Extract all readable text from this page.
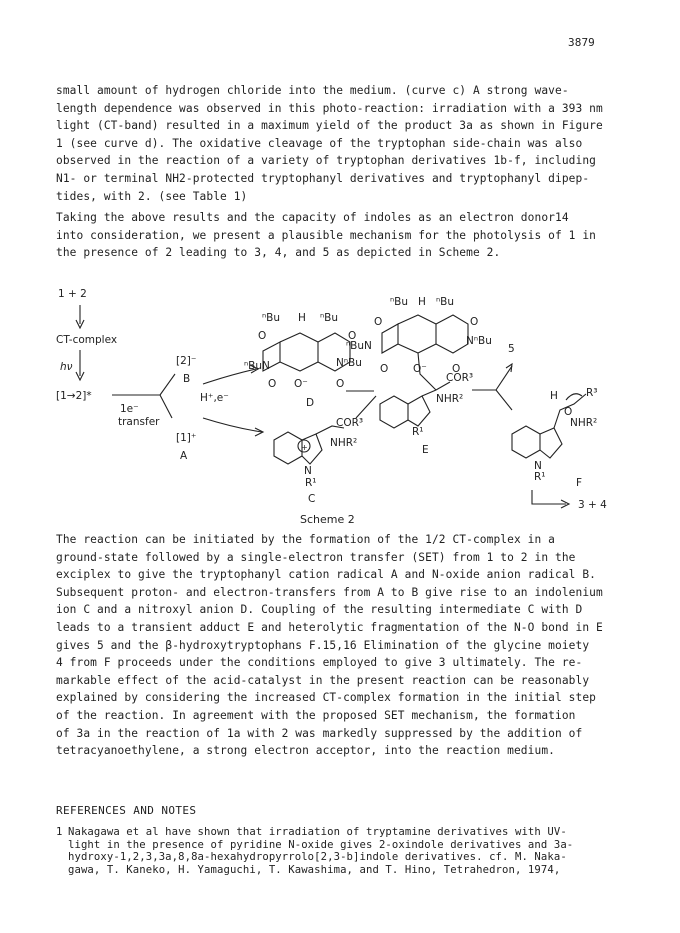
3879

small amount of hydrogen chloride into the medium. (curve c) A strong wave-

length dependence was observed in this photo-reaction: irradiation with a 393 nm

light (CT-band) resulted in a maximum yield of the product 3a as shown in Figure

1 (see curve d). The oxidative cleavage of the tryptophan side-chain was also

observed in the reaction of a variety of tryptophan derivatives 1b-f, including

N1- or terminal NH2-protected tryptophanyl derivatives and tryptophanyl dipep-

tides, with 2. (see Table 1)

Taking the above results and the capacity of indoles as an electron donor14

into consideration, we present a plausible mechanism for the photolysis of 1 in

the presence of 2 leading to 3, 4, and 5 as depicted in Scheme 2.

1 + 2
CT-complex
hν
[1→2]*
1e⁻
transfer
[2]⁻
B
[1]⁺
A
H⁺,e⁻
ⁿBu H ⁿBu
O	O
ⁿBuN	NⁿBu
O O⁻	O
D
+
COR³
NHR²
N
R¹
C
ⁿBu H ⁿBu
O	O
ⁿBuN	NⁿBu
O O⁻ O
COR³
NHR²
R¹
E
5
H
O
R³
NHR²
N
R¹	F
3 + 4
Scheme 2

The reaction can be initiated by the formation of the 1/2 CT-complex in a

ground-state followed by a single-electron transfer (SET) from 1 to 2 in the

exciplex to give the tryptophanyl cation radical A and N-oxide anion radical B.

Subsequent proton- and electron-transfers from A to B give rise to an indolenium

ion C and a nitroxyl anion D. Coupling of the resulting intermediate C with D

leads to a transient adduct E and heterolytic fragmentation of the N-O bond in E

gives 5 and the β-hydroxytryptophans F.15,16 Elimination of the glycine moiety

4 from F proceeds under the conditions employed to give 3 ultimately. The re-

markable effect of the acid-catalyst in the present reaction can be reasonably

explained by considering the increased CT-complex formation in the initial step

of the reaction. In agreement with the proposed SET mechanism, the formation

of 3a in the reaction of 1a with 2 was markedly suppressed by the addition of

tetracyanoethylene, a strong electron acceptor, into the reaction medium.

REFERENCES AND NOTES

1 Nakagawa et al have shown that irradiation of tryptamine derivatives with UV-

light in the presence of pyridine N-oxide gives 2-oxindole derivatives and 3a-

hydroxy-1,2,3,3a,8,8a-hexahydropyrrolo[2,3-b]indole derivatives. cf. M. Naka-

gawa, T. Kaneko, H. Yamaguchi, T. Kawashima, and T. Hino, Tetrahedron, 1974,
